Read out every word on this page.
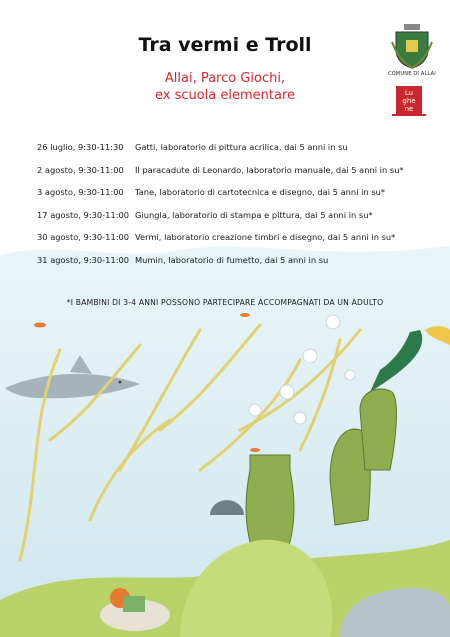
Tra vermi e Troll
Allai, Parco Giochi,
ex scuola elementare
COMUNE DI ALLAI
Lu
ghe
ne
26 luglio, 9:30-11:30	Gatti, laboratorio di pittura acrilica, dai 5 anni in su
2 agosto, 9:30-11:00	Il paracadute di Leonardo, laboratorio manuale, dai 5 anni in su*
3 agosto, 9:30-11:00	Tane, laboratorio di cartotecnica e disegno, dai 5 anni in su*
17 agosto, 9:30-11:00 Giungla, laboratorio di stampa e pittura, dai 5 anni in su*
30 agosto, 9:30-11:00 Vermi, laboratorio creazione timbri e disegno, dai 5 anni in su*
31 agosto, 9:30-11:00 Mumin, laboratorio di fumetto, dai 5 anni in su
*I BAMBINI DI 3-4 ANNI POSSONO PARTECIPARE ACCOMPAGNATI DA UN ADULTO
